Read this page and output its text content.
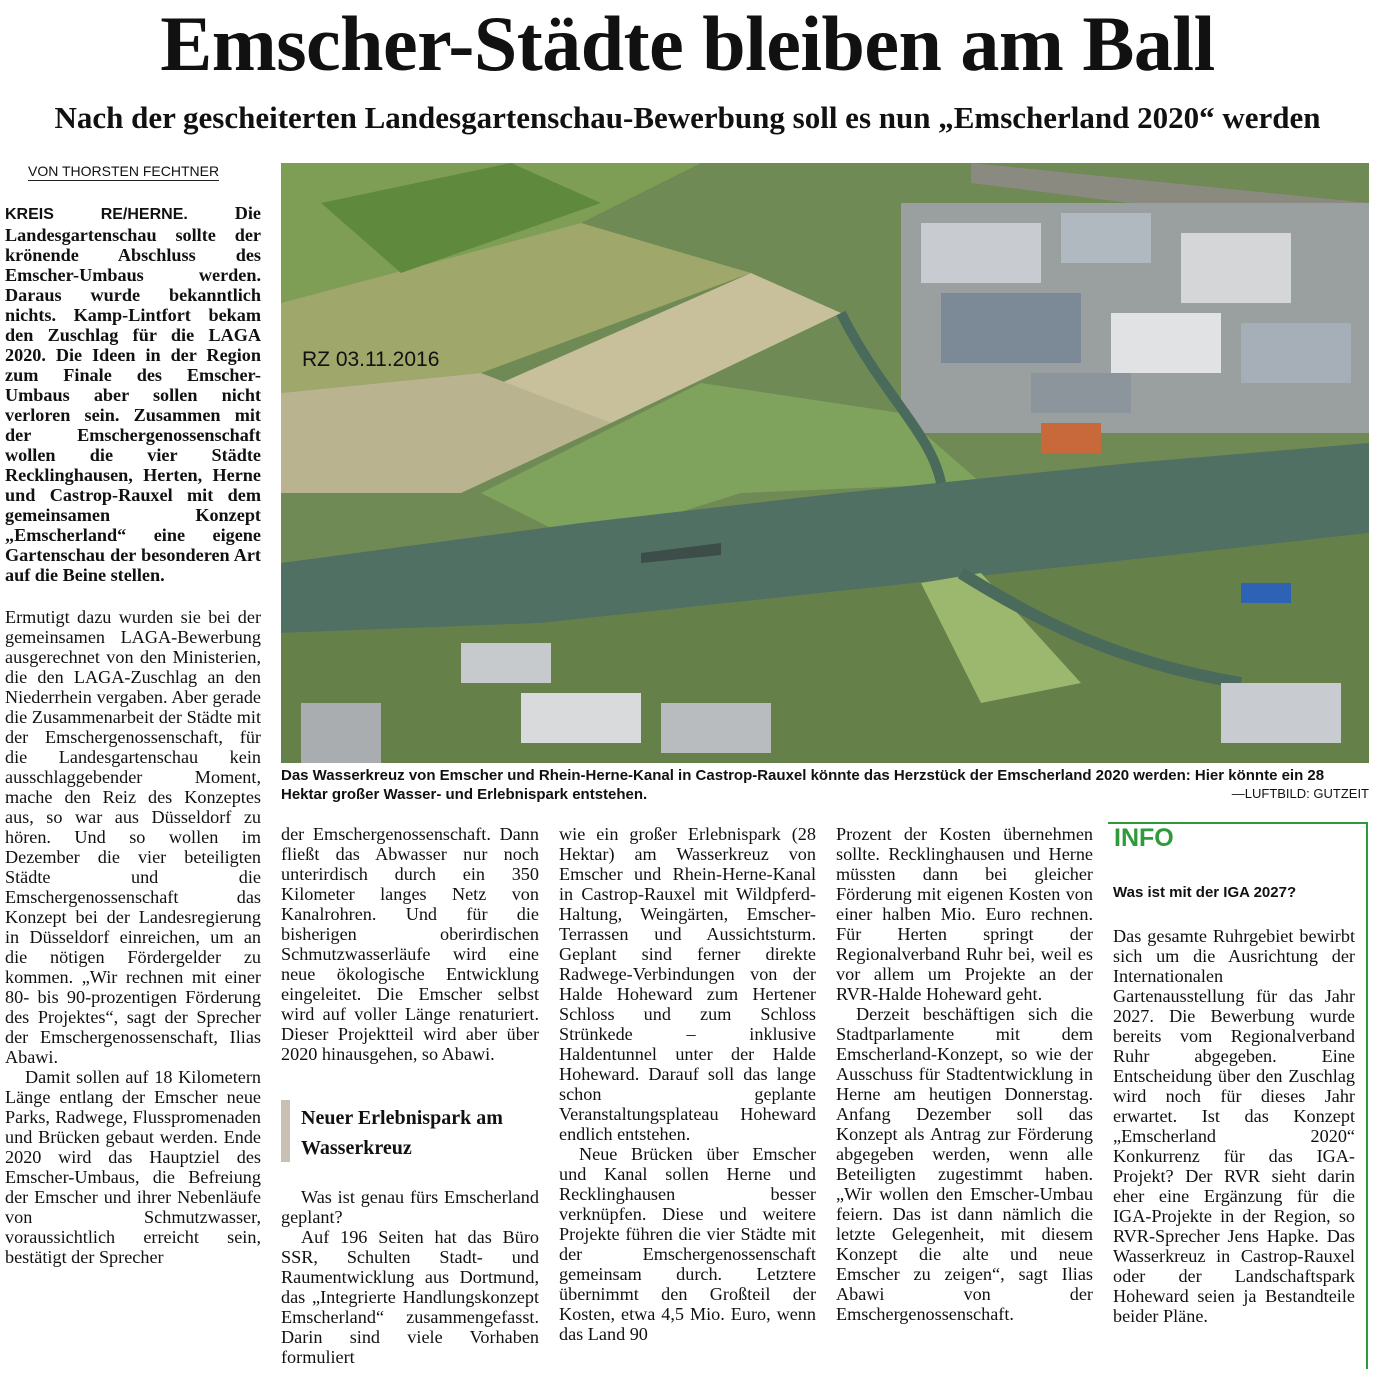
Emscher-Städte bleiben am Ball
Nach der gescheiterten Landesgartenschau-Bewerbung soll es nun „Emscherland 2020“ werden
VON THORSTEN FECHTNER

KREIS RE/HERNE.	Die Landesgartenschau sollte der krönende Abschluss des Emscher-Umbaus werden. Daraus wurde bekanntlich nichts. Kamp-Lintfort bekam den Zuschlag für die LAGA 2020. Die Ideen in der Region zum Finale des Emscher-Umbaus aber sollen nicht verloren sein. Zusammen mit der Emschergenossenschaft wollen die vier Städte Recklinghausen, Herten, Herne und Castrop-Rauxel mit dem gemeinsamen Konzept „Emscherland“ eine eigene Gartenschau der besonderen Art auf die Beine stellen.

Ermutigt dazu wurden sie bei der gemeinsamen LAGA-Bewerbung ausgerechnet von den Ministerien, die den LAGA-Zuschlag an den Niederrhein vergaben. Aber gerade die Zusammenarbeit der Städte mit der Emschergenossenschaft, für die Landesgartenschau kein ausschlaggebender Moment, mache den Reiz des Konzeptes aus, so war aus Düsseldorf zu hören. Und so wollen im Dezember die vier beteiligten Städte und die Emschergenossenschaft das Konzept bei der Landesregierung in Düsseldorf einreichen, um an die nötigen Fördergelder zu kommen. „Wir rechnen mit einer 80- bis 90-prozentigen Förderung des Projektes“, sagt der Sprecher der Emschergenossenschaft, Ilias Abawi.

Damit sollen auf 18 Kilometern Länge entlang der Emscher neue Parks, Radwege, Flusspromenaden und Brücken gebaut werden. Ende 2020 wird das Hauptziel des Emscher-Umbaus, die Befreiung der Emscher und ihrer Nebenläufe von Schmutzwasser, voraussichtlich erreicht sein, bestätigt der Sprecher

RZ 03.11.2016
Das Wasserkreuz von Emscher und Rhein-Herne-Kanal in Castrop-Rauxel könnte das Herzstück der Emscherland 2020 werden: Hier könnte ein 28 Hektar großer Wasser- und Erlebnispark entstehen.	—LUFTBILD: GUTZEIT

der Emschergenossenschaft. Dann fließt das Abwasser nur noch unterirdisch durch ein 350 Kilometer langes Netz von Kanalrohren. Und für die bisherigen oberirdischen Schmutzwasserläufe wird eine neue ökologische Entwicklung eingeleitet. Die Emscher selbst wird auf voller Länge renaturiert. Dieser Projektteil wird aber über 2020 hinausgehen, so Abawi.

Neuer Erlebnispark am Wasserkreuz

Was ist genau fürs Emscherland geplant?

Auf 196 Seiten hat das Büro SSR, Schulten Stadt- und Raumentwicklung aus Dortmund, das „Integrierte Handlungskonzept Emscherland“ zusammengefasst. Darin sind viele Vorhaben formuliert

wie ein großer Erlebnispark (28 Hektar) am Wasserkreuz von Emscher und Rhein-Herne-Kanal in Castrop-Rauxel mit Wildpferd-Haltung, Weingärten, Emscher-Terrassen und Aussichtsturm. Geplant sind ferner direkte Radwege-Verbindungen von der Halde Hoheward zum Hertener Schloss und zum Schloss Strünkede – inklusive Haldentunnel unter der Halde Hoheward. Darauf soll das lange schon geplante Veranstaltungsplateau Hoheward endlich entstehen.

Neue Brücken über Emscher und Kanal sollen Herne und Recklinghausen besser verknüpfen. Diese und weitere Projekte führen die vier Städte mit der Emschergenossenschaft gemeinsam durch. Letztere übernimmt den Großteil der Kosten, etwa 4,5 Mio. Euro, wenn das Land 90

Prozent der Kosten übernehmen sollte. Recklinghausen und Herne müssten dann bei gleicher Förderung mit eigenen Kosten von einer halben Mio. Euro rechnen. Für Herten springt der Regionalverband Ruhr bei, weil es vor allem um Projekte an der RVR-Halde Hoheward geht.

Derzeit beschäftigen sich die Stadtparlamente mit dem Emscherland-Konzept, so wie der Ausschuss für Stadtentwicklung in Herne am heutigen Donnerstag. Anfang Dezember soll das Konzept als Antrag zur Förderung abgegeben werden, wenn alle Beteiligten zugestimmt haben. „Wir wollen den Emscher-Umbau feiern. Das ist dann nämlich die letzte Gelegenheit, mit diesem Konzept die alte und neue Emscher zu zeigen“, sagt Ilias Abawi von der Emschergenossenschaft.

INFO
Was ist mit der IGA 2027?

Das gesamte Ruhrgebiet bewirbt sich um die Ausrichtung der Internationalen Gartenausstellung für das Jahr 2027. Die Bewerbung wurde bereits vom Regionalverband Ruhr abgegeben. Eine Entscheidung über den Zuschlag wird noch für dieses Jahr erwartet. Ist das Konzept „Emscherland 2020“ Konkurrenz für das IGA-Projekt? Der RVR sieht darin eher eine Ergänzung für die IGA-Projekte in der Region, so RVR-Sprecher Jens Hapke. Das Wasserkreuz in Castrop-Rauxel oder der Landschaftspark Hoheward seien ja Bestandteile beider Pläne.
